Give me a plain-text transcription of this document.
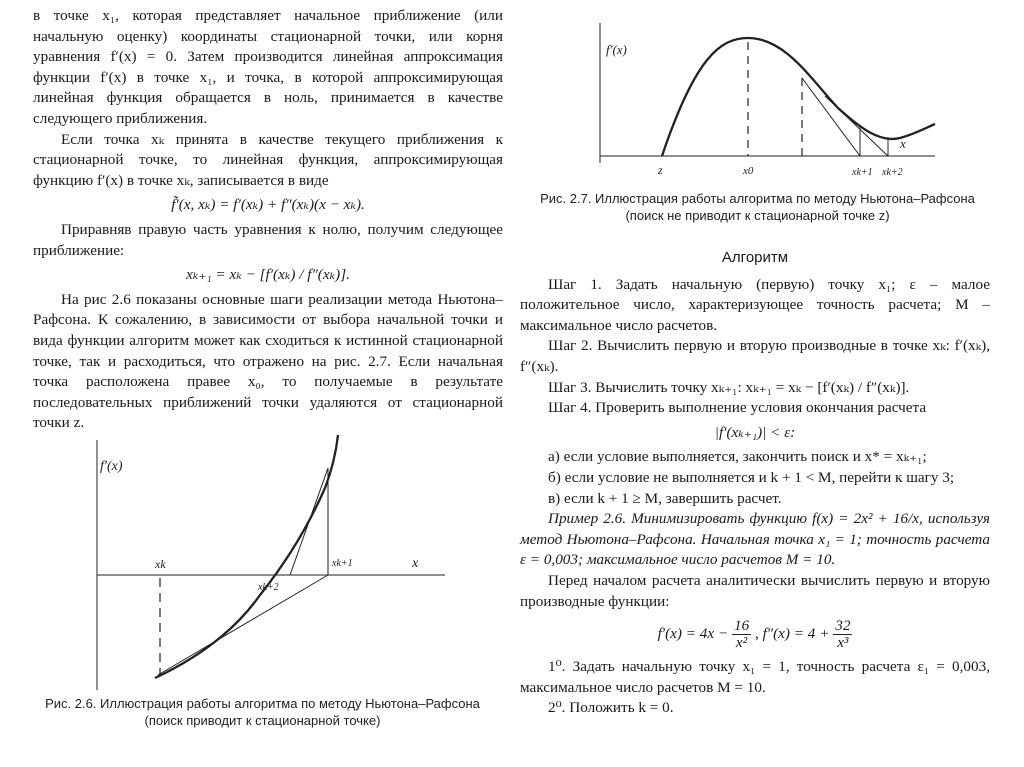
в точке x₁, которая представляет начальное приближение (или начальную оценку) координаты стационарной точки, или корня уравнения f′(x) = 0. Затем производится линейная аппроксимация функции f′(x) в точке x₁, и точка, в которой аппроксимирующая линейная функция обращается в ноль, принимается в качестве следующего приближения.

Если точка xₖ принята в качестве текущего приближения к стационарной точке, то линейная функция, аппроксимирующая функцию f′(x) в точке xₖ, записывается в виде

f̃′(x, xₖ) = f′(xₖ) + f″(xₖ)(x − xₖ).

Приравняв правую часть уравнения к нолю, получим следующее приближение:

xₖ₊₁ = xₖ − [f′(xₖ) / f″(xₖ)].

На рис 2.6 показаны основные шаги реализации метода Ньютона–Рафсона. К сожалению, в зависимости от выбора начальной точки и вида функции алгоритм может как сходиться к истинной стационарной точке, так и расходиться, что отражено на рис. 2.7. Если начальная точка расположена правее x₀, то получаемые в результате последовательных приближений точки удаляются от стационарной точки z.

f′(x)
x
xk	xk+1
xk+2
Рис. 2.6. Иллюстрация работы алгоритма по методу Ньютона–Рафсона
(поиск приводит к стационарной точке)
f′(x)
x
z	x0	xk+1 xk+2
Рис. 2.7. Иллюстрация работы алгоритма по методу Ньютона–Рафсона
(поиск не приводит к стационарной точке z)

Алгоритм

Шаг 1. Задать начальную (первую) точку x₁; ε – малое положительное число, характеризующее точность расчета; M – максимальное число расчетов.

Шаг 2. Вычислить первую и вторую производные в точке xₖ: f′(xₖ), f″(xₖ).

Шаг 3. Вычислить точку xₖ₊₁: xₖ₊₁ = xₖ − [f′(xₖ) / f″(xₖ)].

Шаг 4. Проверить выполнение условия окончания расчета

|f′(xₖ₊₁)| < ε:

а) если условие выполняется, закончить поиск и x* = xₖ₊₁;

б) если условие не выполняется и k + 1 < M, перейти к шагу 3;

в) если k + 1 ≥ M, завершить расчет.

Пример 2.6. Минимизировать функцию f(x) = 2x² + 16/x, используя метод Ньютона–Рафсона. Начальная точка x₁ = 1; точность расчета ε = 0,003; максимальное число расчетов M = 10.

Перед началом расчета аналитически вычислить первую и вторую производные функции:

$f'(x) = 4x - \frac{16}{\text{x²}}$ , $f''(x) = 4 + \frac{32}{\text{x³}}$

1⁰. Задать начальную точку x₁ = 1, точность расчета ε₁ = 0,003, максимальное число расчетов M = 10.

2⁰. Положить k = 0.
